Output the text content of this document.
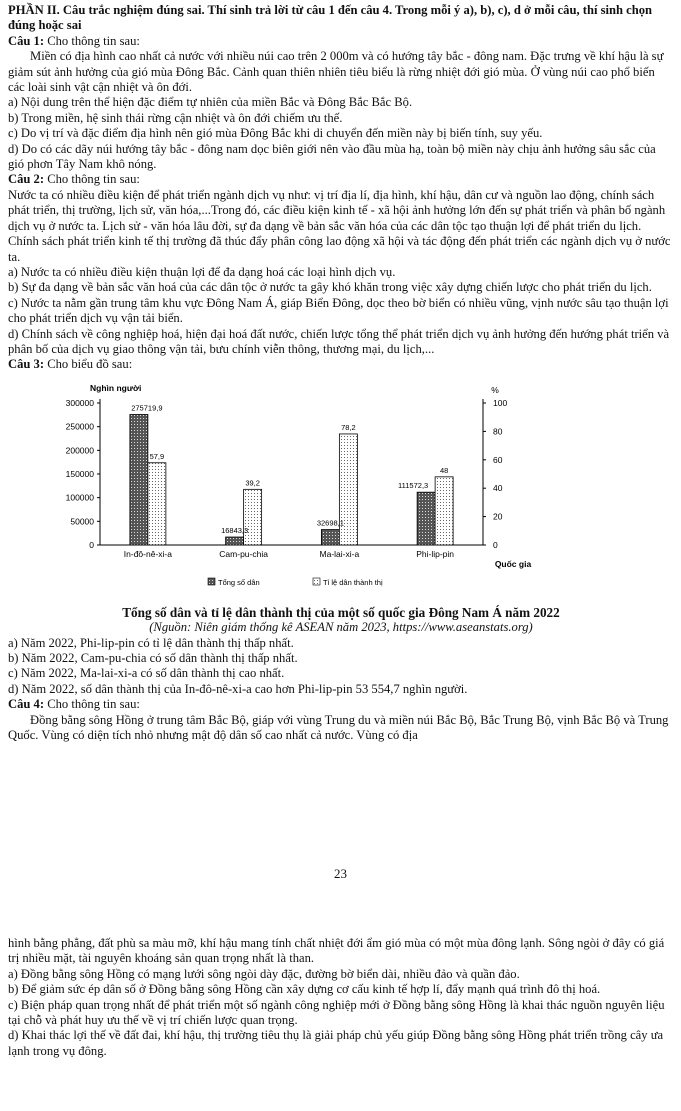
PHẦN II. Câu trắc nghiệm đúng sai. Thí sinh trả lời từ câu 1 đến câu 4. Trong mỗi ý a), b), c), d ở mỗi câu, thí sinh chọn đúng hoặc sai

Câu 1: Cho thông tin sau:

Miền có địa hình cao nhất cả nước với nhiều núi cao trên 2 000m và có hướng tây bắc - đông nam. Đặc trưng về khí hậu là sự giảm sút ảnh hưởng của gió mùa Đông Bắc. Cảnh quan thiên nhiên tiêu biểu là rừng nhiệt đới gió mùa. Ở vùng núi cao phổ biến các loài sinh vật cận nhiệt và ôn đới.

a) Nội dung trên thể hiện đặc điểm tự nhiên của miền Bắc và Đông Bắc Bắc Bộ.

b) Trong miền, hệ sinh thái rừng cận nhiệt và ôn đới chiếm ưu thế.

c) Do vị trí và đặc điểm địa hình nên gió mùa Đông Bắc khi di chuyển đến miền này bị biến tính, suy yếu.

d) Do có các dãy núi hướng tây bắc - đông nam dọc biên giới nên vào đầu mùa hạ, toàn bộ miền này chịu ảnh hưởng sâu sắc của gió phơn Tây Nam khô nóng.

Câu 2: Cho thông tin sau:

Nước ta có nhiều điều kiện để phát triển ngành dịch vụ như: vị trí địa lí, địa hình, khí hậu, dân cư và nguồn lao động, chính sách phát triển, thị trường, lịch sử, văn hóa,...Trong đó, các điều kiện kinh tế - xã hội ảnh hưởng lớn đến sự phát triển và phân bố ngành dịch vụ ở nước ta. Lịch sử - văn hóa lâu đời, sự đa dạng về bản sắc văn hóa của các dân tộc tạo thuận lợi để phát triển du lịch. Chính sách phát triển kinh tế thị trường đã thúc đẩy phân công lao động xã hội và tác động đến phát triển các ngành dịch vụ ở nước ta.

a) Nước ta có nhiều điều kiện thuận lợi để đa dạng hoá các loại hình dịch vụ.

b) Sự đa dạng về bản sắc văn hoá của các dân tộc ở nước ta gây khó khăn trong việc xây dựng chiến lược cho phát triển du lịch.

c) Nước ta nằm gần trung tâm khu vực Đông Nam Á, giáp Biển Đông, dọc theo bờ biển có nhiều vũng, vịnh nước sâu tạo thuận lợi cho phát triển dịch vụ vận tải biển.

d) Chính sách về công nghiệp hoá, hiện đại hoá đất nước, chiến lược tổng thể phát triển dịch vụ ảnh hưởng đến hướng phát triển và phân bố của dịch vụ giao thông vận tải, bưu chính viễn thông, thương mại, du lịch,...

Câu 3: Cho biểu đồ sau:

Nghìn người	%
Quốc gia
0
50000
100000
150000
200000
250000
300000
0
20
40
60
80
100
In-đô-nê-xi-a
275719,9
57,9
Cam-pu-chia
16843,3
39,2
Ma-lai-xi-a
32698,1
78,2
Phi-lip-pin
111572,3
48
Tổng số dân	Tỉ lệ dân thành thị

Tổng số dân và tỉ lệ dân thành thị của một số quốc gia Đông Nam Á năm 2022

(Nguồn: Niên giám thống kê ASEAN năm 2023, https://www.aseanstats.org)

a) Năm 2022, Phi-lip-pin có tỉ lệ dân thành thị thấp nhất.

b) Năm 2022, Cam-pu-chia có số dân thành thị thấp nhất.

c) Năm 2022, Ma-lai-xi-a có số dân thành thị cao nhất.

d) Năm 2022, số dân thành thị của In-đô-nê-xi-a cao hơn Phi-lip-pin 53 554,7 nghìn người.

Câu 4: Cho thông tin sau:

Đồng bằng sông Hồng ở trung tâm Bắc Bộ, giáp với vùng Trung du và miền núi Bắc Bộ, Bắc Trung Bộ, vịnh Bắc Bộ và Trung Quốc. Vùng có diện tích nhỏ nhưng mật độ dân số cao nhất cả nước. Vùng có địa

23

hình bằng phẳng, đất phù sa màu mỡ, khí hậu mang tính chất nhiệt đới ẩm gió mùa có một mùa đông lạnh. Sông ngòi ở đây có giá trị nhiều mặt, tài nguyên khoáng sản quan trọng nhất là than.

a) Đồng bằng sông Hồng có mạng lưới sông ngòi dày đặc, đường bờ biển dài, nhiều đảo và quần đảo.

b) Để giảm sức ép dân số ở Đồng bằng sông Hồng cần xây dựng cơ cấu kinh tế hợp lí, đẩy mạnh quá trình đô thị hoá.

c) Biện pháp quan trọng nhất để phát triển một số ngành công nghiệp mới ở Đồng bằng sông Hồng là khai thác nguồn nguyên liệu tại chỗ và phát huy ưu thế về vị trí chiến lược quan trọng.

d) Khai thác lợi thế về đất đai, khí hậu, thị trường tiêu thụ là giải pháp chủ yếu giúp Đồng bằng sông Hồng phát triển trồng cây ưa lạnh trong vụ đông.
